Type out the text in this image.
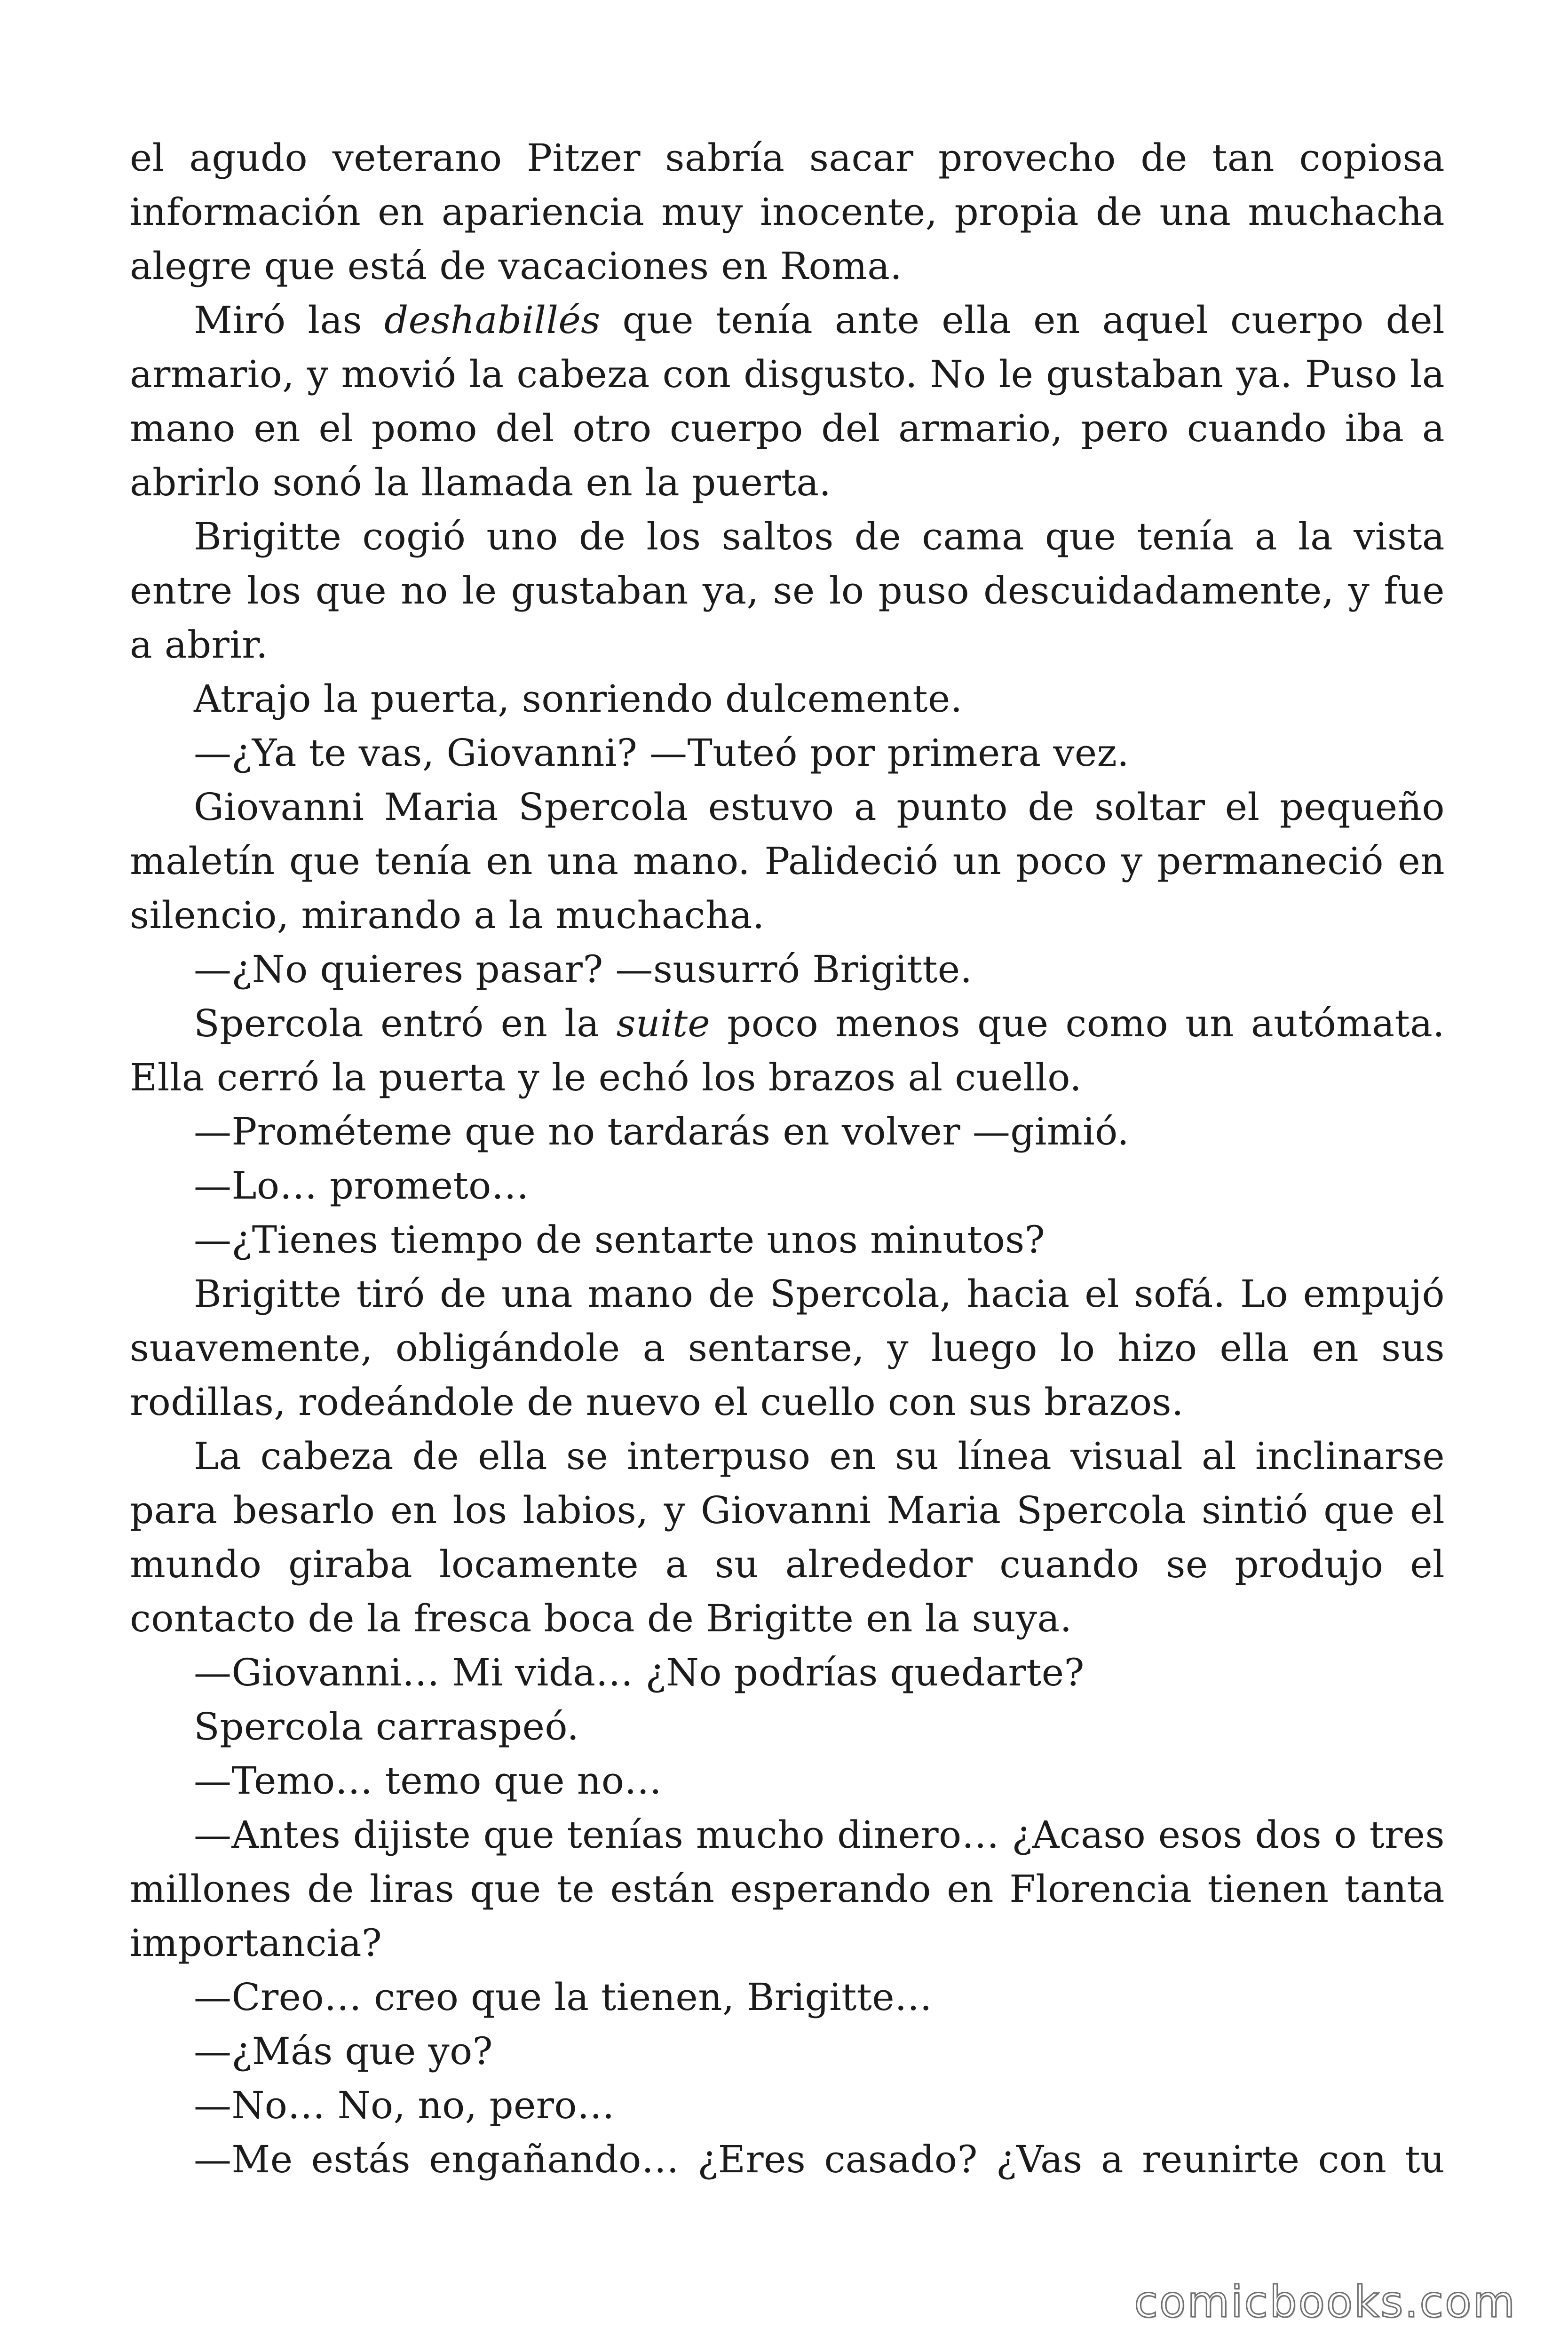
el agudo veterano Pitzer sabría sacar provecho de tan copiosa información en apariencia muy inocente, propia de una muchacha alegre que está de vacaciones en Roma.

Miró las deshabillés que tenía ante ella en aquel cuerpo del armario, y movió la cabeza con disgusto. No le gustaban ya. Puso la mano en el pomo del otro cuerpo del armario, pero cuando iba a abrirlo sonó la llamada en la puerta.

Brigitte cogió uno de los saltos de cama que tenía a la vista entre los que no le gustaban ya, se lo puso descuidadamente, y fue a abrir.

Atrajo la puerta, sonriendo dulcemente.

—¿Ya te vas, Giovanni? —Tuteó por primera vez.

Giovanni Maria Spercola estuvo a punto de soltar el pequeño maletín que tenía en una mano. Palideció un poco y permaneció en silencio, mirando a la muchacha.

—¿No quieres pasar? —susurró Brigitte.

Spercola entró en la suite poco menos que como un autómata. Ella cerró la puerta y le echó los brazos al cuello.

—Prométeme que no tardarás en volver —gimió.

—Lo… prometo…

—¿Tienes tiempo de sentarte unos minutos?

Brigitte tiró de una mano de Spercola, hacia el sofá. Lo empujó suavemente, obligándole a sentarse, y luego lo hizo ella en sus rodillas, rodeándole de nuevo el cuello con sus brazos.

La cabeza de ella se interpuso en su línea visual al inclinarse para besarlo en los labios, y Giovanni Maria Spercola sintió que el mundo giraba locamente a su alrededor cuando se produjo el contacto de la fresca boca de Brigitte en la suya.

—Giovanni… Mi vida… ¿No podrías quedarte?

Spercola carraspeó.

—Temo… temo que no…

—Antes dijiste que tenías mucho dinero… ¿Acaso esos dos o tres millones de liras que te están esperando en Florencia tienen tanta importancia?

—Creo… creo que la tienen, Brigitte…

—¿Más que yo?

—No… No, no, pero…

—Me estás engañando… ¿Eres casado? ¿Vas a reunirte con tu

comicbooks.com
